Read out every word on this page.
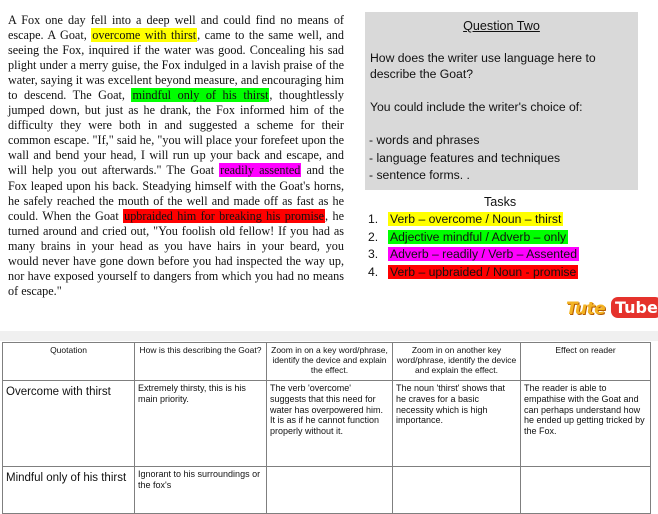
A Fox one day fell into a deep well and could find no means of escape. A Goat, overcome with thirst, came to the same well, and seeing the Fox, inquired if the water was good. Concealing his sad plight under a merry guise, the Fox indulged in a lavish praise of the water, saying it was excellent beyond measure, and encouraging him to descend. The Goat, mindful only of his thirst, thoughtlessly jumped down, but just as he drank, the Fox informed him of the difficulty they were both in and suggested a scheme for their common escape. "If," said he, "you will place your forefeet upon the wall and bend your head, I will run up your back and escape, and will help you out afterwards." The Goat readily assented and the Fox leaped upon his back. Steadying himself with the Goat's horns, he safely reached the mouth of the well and made off as fast as he could. When the Goat upbraided him for breaking his promise, he turned around and cried out, "You foolish old fellow! If you had as many brains in your head as you have hairs in your beard, you would never have gone down before you had inspected the way up, nor have exposed yourself to dangers from which you had no means of escape."
Question Two
How does the writer use language here to describe the Goat?
You could include the writer's choice of:
- words and phrases
- language features and techniques
- sentence forms. .
Tasks
1. Verb – overcome / Noun – thirst
2. Adjective mindful / Adverb – only
3. Adverb – readily / Verb – Assented
4. Verb – upbraided / Noun - promise
Tute Tube
Quotation	How is this describing the Goat?	Zoom in on a key word/phrase, identify the device and explain the effect.	Zoom in on another key word/phrase, identify the device and explain the effect.	Effect on reader
Overcome with thirst	Extremely thirsty, this is his main priority.	The verb 'overcome' suggests that this need for water has overpowered him. It is as if he cannot function properly without it.	The noun 'thirst' shows that he craves for a basic necessity which is high importance.	The reader is able to empathise with the Goat and can perhaps understand how he ended up getting tricked by the Fox.
Mindful only of his thirst	Ignorant to his surroundings or the fox's			
